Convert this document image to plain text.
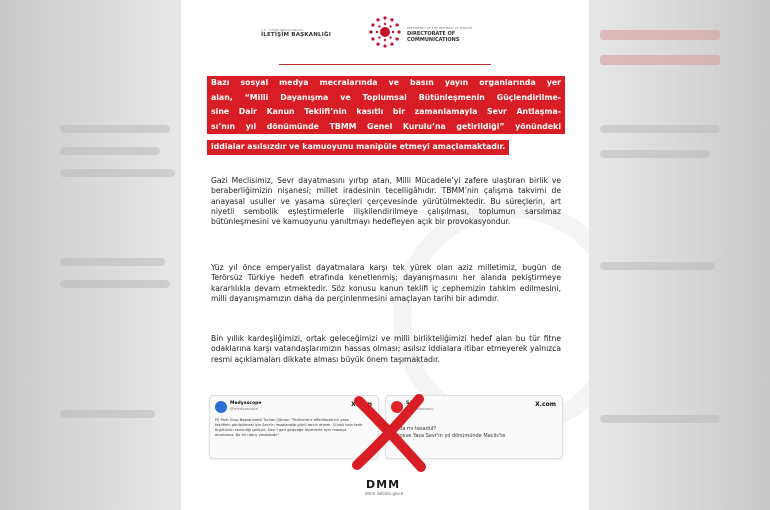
T.C. CUMHURBAŞKANLIĞI
İLETİŞİM BAŞKANLIĞI
PRESIDENCY OF THE REPUBLIC OF TÜRKİYE
DIRECTORATE OF
COMMUNICATIONS
Bazı sosyal medya mecralarında ve basın yayın organlarında yer
alan, “Milli Dayanışma ve Toplumsal Bütünleşmenin Güçlendirilme-
sine Dair Kanun Teklifi’nin kasıtlı bir zamanlamayla Sevr Antlaşma-
sı’nın yıl dönümünde TBMM Genel Kurulu’na getirildiği” yönündeki
iddialar asılsızdır ve kamuoyunu manipüle etmeyi amaçlamaktadır.

Gazi Meclisimiz, Sevr dayatmasını yırtıp atan, Milli Mücadele’yi zafere ulaştıran birlik ve beraberliğimizin nişanesi; millet iradesinin tecelligâhıdır. TBMM’nin çalışma takvimi de anayasal usuller ve yasama süreçleri çerçevesinde yürütülmektedir. Bu süreçlerin, art niyetli sembolik eşleştirmelerle ilişkilendirilmeye çalışılması, toplumun sarsılmaz bütünleşmesini ve kamuoyunu yanıltmayı hedefleyen açık bir provokasyondur.

Yüz yıl önce emperyalist dayatmalara karşı tek yürek olan aziz milletimiz, bugün de Terörsüz Türkiye hedefi etrafında kenetlenmiş; dayanışmasını her alanda pekiştirmeye kararlılıkla devam etmektedir. Söz konusu kanun teklifi iç cephemizin tahkim edilmesini, milli dayanışmamızın daha da perçinlenmesini amaçlayan tarihi bir adımdır.

Bin yıllık kardeşliğimizi, ortak geleceğimizi ve milli birlikteliğimizi hedef alan bu tür fitne odaklarına karşı vatandaşlarımızın hassas olması; asılsız iddialara itibar etmeyerek yalnızca resmi açıklamaları dikkate alması büyük önem taşımaktadır.

Medyascope
@medyascope
X.com
İYİ Parti Grup Başkanvekili Turhan Çömez: "Tarihlerle'e affedilecek bir yasa teklifinin görüşülmesi için Sevr'in imzalandığı günü tercih etmek. Çünkü hain terör örgütünün sevindiği şekliyle. Sevr'i gerî geleceğe diyenlerle aynı masaya oturdunuz. Bu bir utanç vesikasıdır"
Sözcü
@gazetesozcu
X.com
Bu da mı tesadüf?
Çerçeve Yasa Sevr'in yıl dönümünde Meclis'te
DMM
dmm.iletisim.gov.tr
